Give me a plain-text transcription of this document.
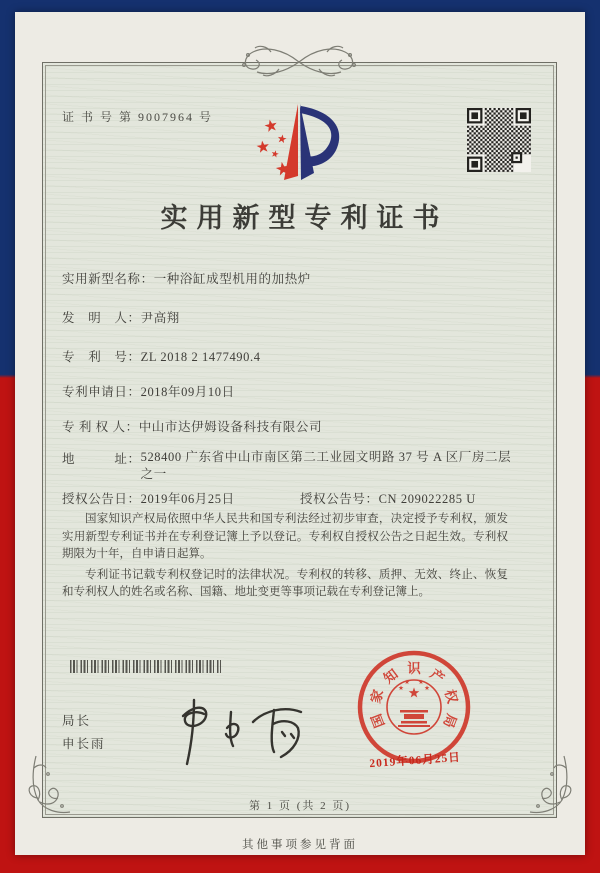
证 书 号 第 9007964 号
实用新型专利证书
实用新型名称：一种浴缸成型机用的加热炉
发　明　人：尹高翔
专　利　号：ZL 2018 2 1477490.4
专利申请日：2018年09月10日
专 利 权 人：中山市达伊姆设备科技有限公司
地　　　址： 528400 广东省中山市南区第二工业园文明路 37 号 A 区厂房二层之一
授权公告日：2019年06月25日	授权公告号：CN 209022285 U

国家知识产权局依照中华人民共和国专利法经过初步审查，决定授予专利权，颁发实用新型专利证书并在专利登记簿上予以登记。专利权自授权公告之日起生效。专利权期限为十年，自申请日起算。

专利证书记载专利权登记时的法律状况。专利权的转移、质押、无效、终止、恢复和专利权人的姓名或名称、国籍、地址变更等事项记载在专利登记簿上。

局长
申长雨
国
家
知 识 产
权
局
2019年06月25日
第 1 页 (共 2 页)
其他事项参见背面
